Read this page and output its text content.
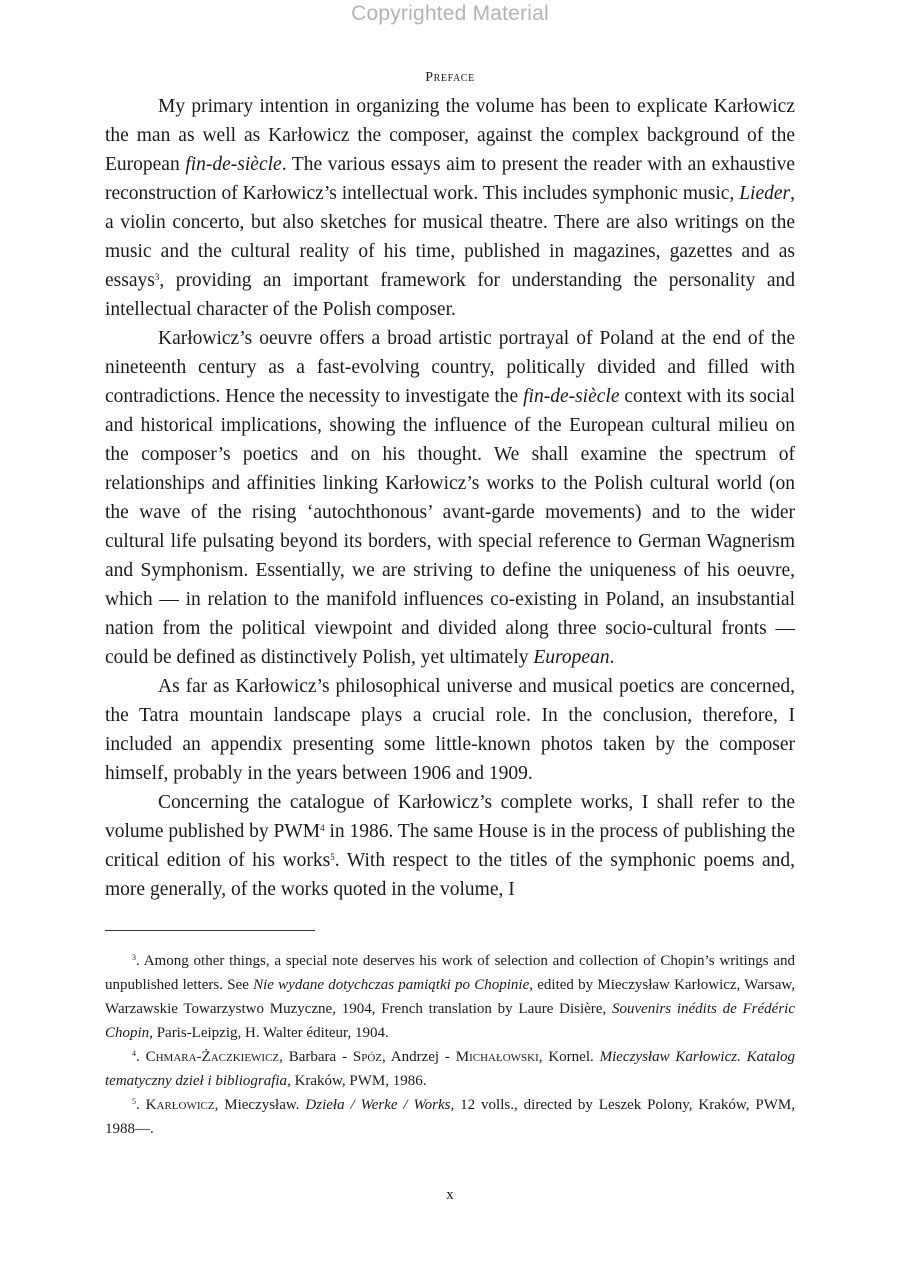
Copyrighted Material
Preface

My primary intention in organizing the volume has been to explicate Karłowicz the man as well as Karłowicz the composer, against the complex background of the European fin-de-siècle. The various essays aim to present the reader with an exhaustive reconstruction of Karłowicz’s intellectual work. This includes symphonic music, Lieder, a violin concerto, but also sketches for musical theatre. There are also writings on the music and the cultural reality of his time, published in magazines, gazettes and as essays$^3$, providing an important framework for understanding the personality and intellectual character of the Polish composer.

Karłowicz’s oeuvre offers a broad artistic portrayal of Poland at the end of the nineteenth century as a fast-evolving country, politically divided and filled with contradictions. Hence the necessity to investigate the fin-de-siècle context with its social and historical implications, showing the influence of the European cultural milieu on the composer’s poetics and on his thought. We shall examine the spectrum of relationships and affinities linking Karłowicz’s works to the Polish cultural world (on the wave of the rising ‘autochthonous’ avant-garde movements) and to the wider cultural life pulsating beyond its borders, with special reference to German Wagnerism and Symphonism. Essentially, we are striving to define the uniqueness of his oeuvre, which — in relation to the manifold influences co-existing in Poland, an insubstantial nation from the political viewpoint and divided along three socio-cultural fronts — could be defined as distinctively Polish, yet ultimately European.

As far as Karłowicz’s philosophical universe and musical poetics are concerned, the Tatra mountain landscape plays a crucial role. In the conclusion, therefore, I included an appendix presenting some little-known photos taken by the composer himself, probably in the years between 1906 and 1909.

Concerning the catalogue of Karłowicz’s complete works, I shall refer to the volume published by PWM$^4$ in 1986. The same House is in the process of publishing the critical edition of his works$^5$. With respect to the titles of the symphonic poems and, more generally, of the works quoted in the volume, I

$^3$. Among other things, a special note deserves his work of selection and collection of Chopin’s writings and unpublished letters. See Nie wydane dotychczas pamiątki po Chopinie, edited by Mieczysław Karłowicz, Warsaw, Warzawskie Towarzystwo Muzyczne, 1904, French translation by Laure Disière, Souvenirs inédits de Frédéric Chopin, Paris-Leipzig, H. Walter éditeur, 1904.

$^4$. Chmara-Żaczkiewicz, Barbara - Spóz, Andrzej - Michałowski, Kornel. Mieczysław Karłowicz. Katalog tematyczny dzieł i bibliografia, Kraków, PWM, 1986.

$^5$. Karłowicz, Mieczysław. Dzieła / Werke / Works, 12 volls., directed by Leszek Polony, Kraków, PWM, 1988—.

x
